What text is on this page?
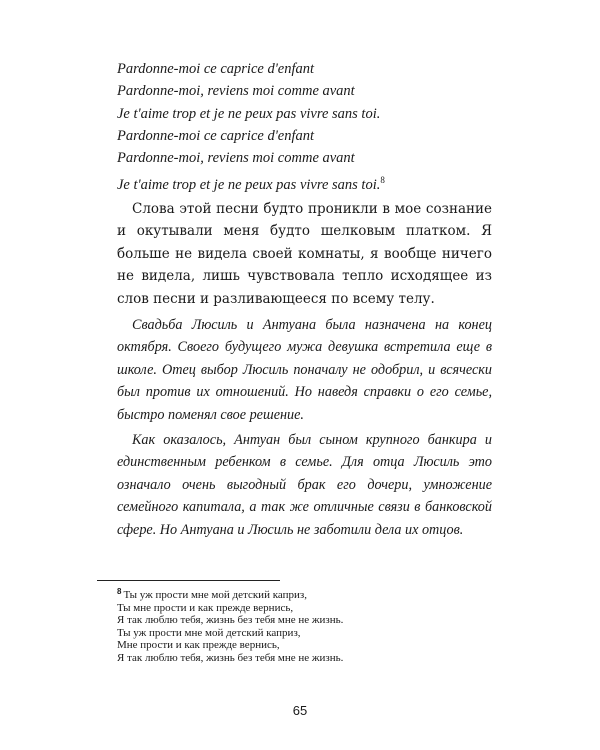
Pardonne-moi ce caprice d'enfant
Pardonne-moi, reviens moi comme avant
Je t'aime trop et je ne peux pas vivre sans toi.
Pardonne-moi ce caprice d'enfant
Pardonne-moi, reviens moi comme avant
Je t'aime trop et je ne peux pas vivre sans toi.$^8$

Слова этой песни будто проникли в мое сознание и окутывали меня будто шелковым платком. Я больше не видела своей комнаты, я вообще ничего не видела, лишь чувствовала тепло исходящее из слов песни и разливающееся по всему телу.

Свадьба Люсиль и Антуана была назначена на конец октября. Своего будущего мужа девушка встретила еще в школе. Отец выбор Люсиль поначалу не одобрил, и всячески был против их отношений. Но наведя справки о его семье, быстро поменял свое решение.

Как оказалось, Антуан был сыном крупного банкира и единственным ребенком в семье. Для отца Люсиль это означало очень выгодный брак его дочери, умножение семейного капитала, а так же отличные связи в банковской сфере. Но Антуана и Люсиль не заботили дела их отцов.

$^8$ Ты уж прости мне мой детский каприз,
Ты мне прости и как прежде вернись,
Я так люблю тебя, жизнь без тебя мне не жизнь.
Ты уж прости мне мой детский каприз,
Мне прости и как прежде вернись,
Я так люблю тебя, жизнь без тебя мне не жизнь.
65
